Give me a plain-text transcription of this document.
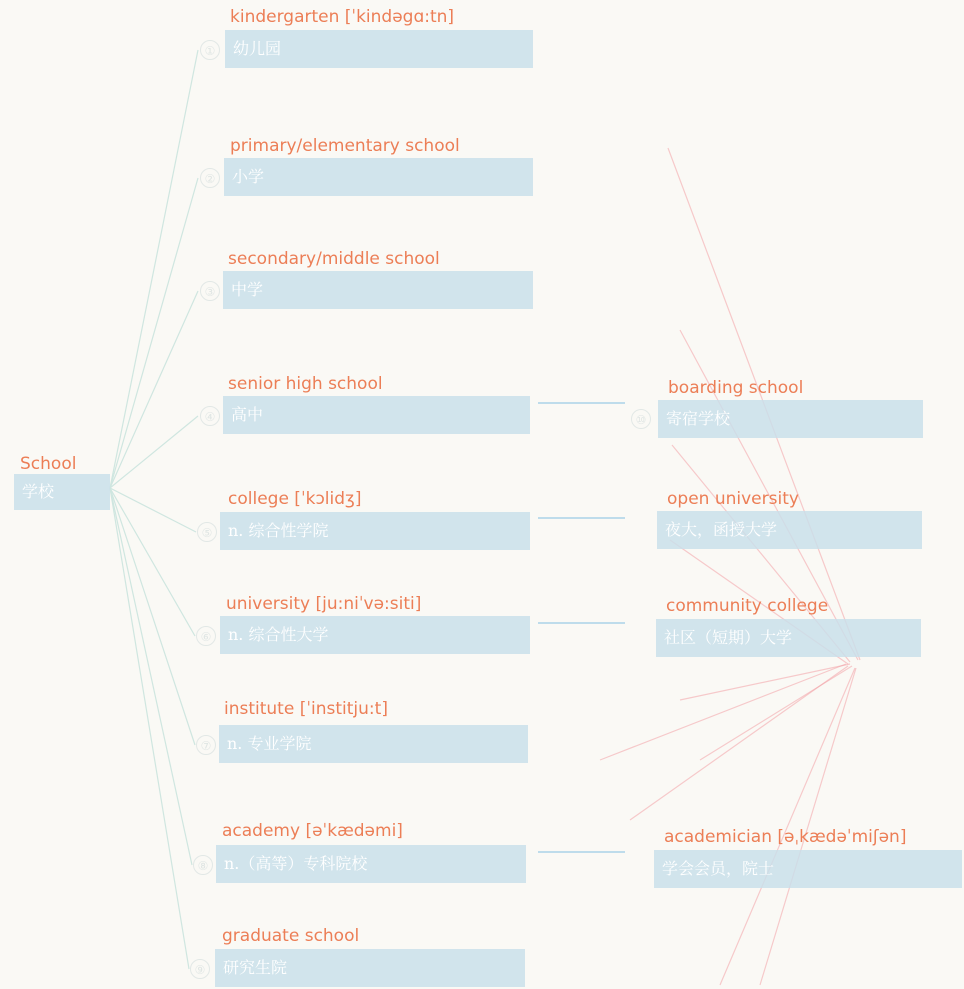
School
学校
kindergarten [ˈkindəgɑ:tn]
①	幼儿园
primary/elementary school
②	小学
secondary/middle school
③ 中学
senior high school
④ 高中
college [ˈkɔlidʒ]
⑤ n. 综合性学院
university [ju:niˈvə:siti]
⑥	n. 综合性大学
institute [ˈinstitju:t]
⑦ n. 专业学院
academy [əˈkædəmi]
⑧ n.（高等）专科院校
graduate school
⑨	研究生院
boarding school
⑩	寄宿学校
open university
夜大，函授大学
community college
社区（短期）大学
academician [əˌkædəˈmiʃən]
学会会员，院士
